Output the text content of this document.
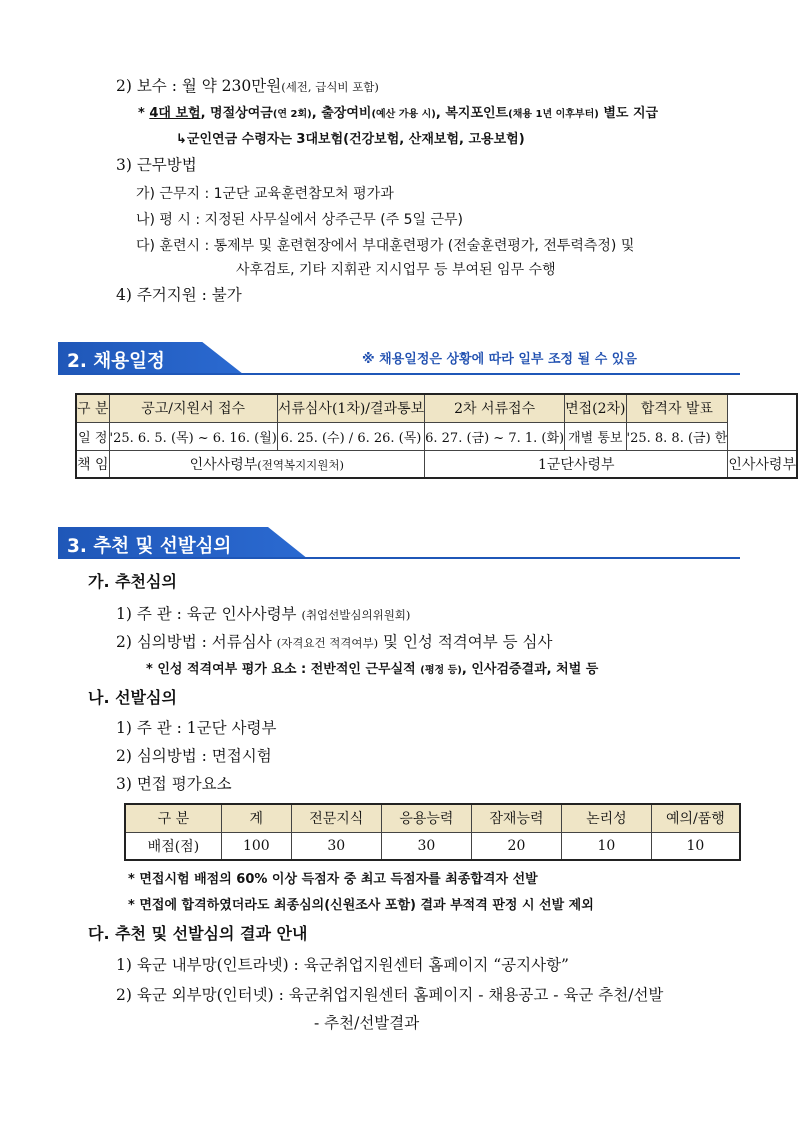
2) 보수 : 월 약 230만원(세전, 급식비 포함)
* 4대 보험, 명절상여금(연 2회), 출장여비(예산 가용 시), 복지포인트(채용 1년 이후부터) 별도 지급
↳군인연금 수령자는 3대보험(건강보험, 산재보험, 고용보험)
3) 근무방법
가) 근무지 : 1군단 교육훈련참모처 평가과
나) 평 시 : 지정된 사무실에서 상주근무 (주 5일 근무)
다) 훈련시 : 통제부 및 훈련현장에서 부대훈련평가 (전술훈련평가, 전투력측정) 및
사후검토, 기타 지휘관 지시업무 등 부여된 임무 수행
4) 주거지원 : 불가
2. 채용일정	※ 채용일정은 상황에 따라 일부 조정 될 수 있음
구 분	공고/지원서 접수	서류심사(1차)/결과통보	2차 서류접수	면접(2차)	합격자 발표	
일 정	'25. 6. 5. (목) ~ 6. 16. (월)	6. 25. (수) / 6. 26. (목)	6. 27. (금) ~ 7. 1. (화)	개별 통보	'25. 8. 8. (금) 한	
책 임	인사사령부(전역복지지원처)		1군단사령부			인사사령부
3. 추천 및 선발심의
가. 추천심의
1) 주 관 : 육군 인사사령부 (취업선발심의위원회)
2) 심의방법 : 서류심사 (자격요건 적격여부) 및 인성 적격여부 등 심사
* 인성 적격여부 평가 요소 : 전반적인 근무실적 (평정 등), 인사검증결과, 처벌 등
나. 선발심의
1) 주 관 : 1군단 사령부
2) 심의방법 : 면접시험
3) 면접 평가요소
구 분	계	전문지식	응용능력	잠재능력	논리성	예의/품행
배점(점)	100	30	30	20	10	10
* 면접시험 배점의 60% 이상 득점자 중 최고 득점자를 최종합격자 선발
* 면접에 합격하였더라도 최종심의(신원조사 포함) 결과 부적격 판정 시 선발 제외
다. 추천 및 선발심의 결과 안내
1) 육군 내부망(인트라넷) : 육군취업지원센터 홈페이지 “공지사항”
2) 육군 외부망(인터넷) : 육군취업지원센터 홈페이지 - 채용공고 - 육군 추천/선발
- 추천/선발결과
